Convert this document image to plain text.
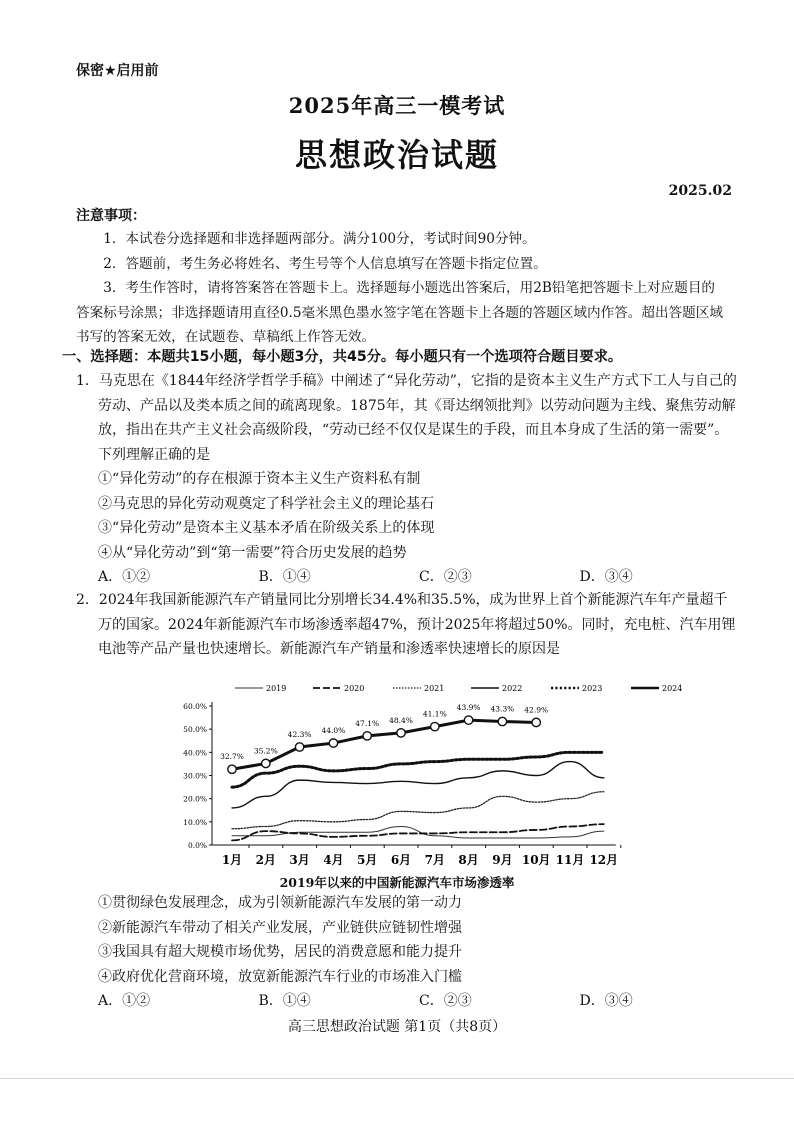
保密★启用前
2025年高三一模考试
思想政治试题
2025.02
注意事项：

1．本试卷分选择题和非选择题两部分。满分100分，考试时间90分钟。

2．答题前，考生务必将姓名、考生号等个人信息填写在答题卡指定位置。

3．考生作答时，请将答案答在答题卡上。选择题每小题选出答案后，用2B铅笔把答题卡上对应题目的答案标号涂黑；非选择题请用直径0.5毫米黑色墨水签字笔在答题卡上各题的答题区域内作答。超出答题区域书写的答案无效，在试题卷、草稿纸上作答无效。

一、选择题：本题共15小题，每小题3分，共45分。每小题只有一个选项符合题目要求。

1．马克思在《1844年经济学哲学手稿》中阐述了“异化劳动”，它指的是资本主义生产方式下工人与自己的劳动、产品以及类本质之间的疏离现象。1875年，其《哥达纲领批判》以劳动问题为主线、聚焦劳动解放，指出在共产主义社会高级阶段，“劳动已经不仅仅是谋生的手段，而且本身成了生活的第一需要”。下列理解正确的是

①“异化劳动”的存在根源于资本主义生产资料私有制

②马克思的异化劳动观奠定了科学社会主义的理论基石

③“异化劳动”是资本主义基本矛盾在阶级关系上的体现

④从“异化劳动”到“第一需要”符合历史发展的趋势

A．①②	B．①④	C．②③	D．③④

2．2024年我国新能源汽车产销量同比分别增长34.4%和35.5%，成为世界上首个新能源汽车年产量超千万的国家。2024年新能源汽车市场渗透率超47%，预计2025年将超过50%。同时，充电桩、汽车用锂电池等产品产量也快速增长。新能源汽车产销量和渗透率快速增长的原因是

2019	2020	2021	2022	2023	2024
0.0%
10.0%
20.0%
30.0%
40.0%
50.0%
60.0%
1月 2月 3月 4月 5月 6月 7月 8月 9月 10月 11月 12月
32.7%
35.2%
42.3% 44.0%
47.1% 48.4%
41.1%
43.9% 43.3% 42.9%
2019年以来的中国新能源汽车市场渗透率

①贯彻绿色发展理念，成为引领新能源汽车发展的第一动力

②新能源汽车带动了相关产业发展，产业链供应链韧性增强

③我国具有超大规模市场优势，居民的消费意愿和能力提升

④政府优化营商环境，放宽新能源汽车行业的市场准入门槛

A．①②	B．①④	C．②③	D．③④
高三思想政治试题 第1页（共8页）
